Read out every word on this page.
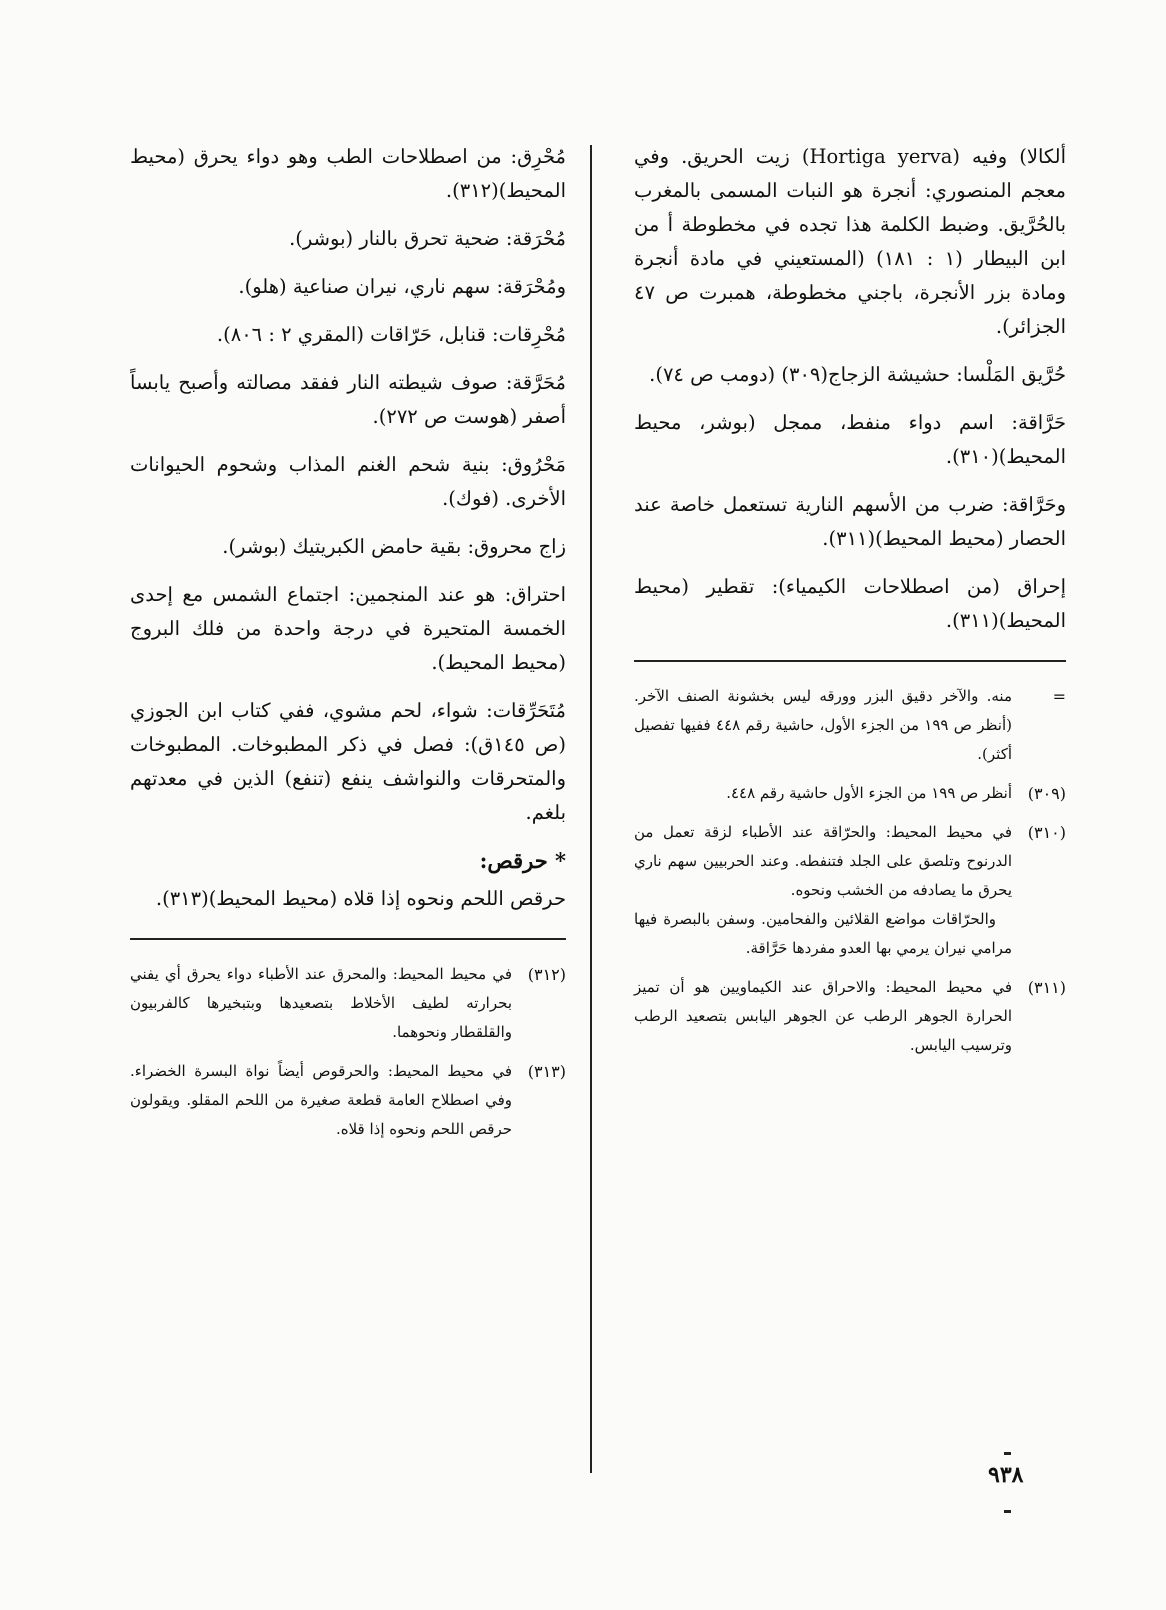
ألكالا) وفيه (Hortiga yerva) زيت الحريق. وفي معجم المنصوري: أنجرة هو النبات المسمى بالمغرب بالحُرَّيق. وضبط الكلمة هذا تجده في مخطوطة أ من ابن البيطار (١ : ١٨١) (المستعيني في مادة أنجرة ومادة بزر الأنجرة، باجني مخطوطة، همبرت ص ٤٧ الجزائر).

حُرَّيق المَلْسا: حشيشة الزجاج(٣٠٩) (دومب ص ٧٤).

حَرَّاقة: اسم دواء منفط، ممجل (بوشر، محيط المحيط)(٣١٠).

وحَرَّاقة: ضرب من الأسهم النارية تستعمل خاصة عند الحصار (محيط المحيط)(٣١١).

إحراق (من اصطلاحات الكيمياء): تقطير (محيط المحيط)(٣١١).

=

منه. والآخر دقيق البزر وورقه ليس بخشونة الصنف الآخر. (أنظر ص ١٩٩ من الجزء الأول، حاشية رقم ٤٤٨ ففيها تفصيل أكثر).

(٣٠٩)

أنظر ص ١٩٩ من الجزء الأول حاشية رقم ٤٤٨.

(٣١٠)

في محيط المحيط: والحرّاقة عند الأطباء لزقة تعمل من الدرنوح وتلصق على الجلد فتنفطه. وعند الحربيين سهم ناري يحرق ما يصادفه من الخشب ونحوه.

والحرّاقات مواضع القلائين والفحامين. وسفن بالبصرة فيها مرامي نيران يرمي بها العدو مفردها حَرَّاقة.

(٣١١)

في محيط المحيط: والاحراق عند الكيماويين هو أن تميز الحرارة الجوهر الرطب عن الجوهر اليابس بتصعيد الرطب وترسيب اليابس.

مُحْرِق: من اصطلاحات الطب وهو دواء يحرق (محيط المحيط)(٣١٢).

مُحْرَقة: ضحية تحرق بالنار (بوشر).

ومُحْرَقة: سهم ناري، نيران صناعية (هلو).

مُحْرِقات: قنابل، حَرّاقات (المقري ٢ : ٨٠٦).

مُحَرَّقة: صوف شيطته النار ففقد مصالته وأصبح يابساً أصفر (هوست ص ٢٧٢).

مَحْرُوق: بنية شحم الغنم المذاب وشحوم الحيوانات الأخرى. (فوك).

زاج محروق: بقية حامض الكبريتيك (بوشر).

احتراق: هو عند المنجمين: اجتماع الشمس مع إحدى الخمسة المتحيرة في درجة واحدة من فلك البروج (محيط المحيط).

مُتَحَرِّقات: شواء، لحم مشوي، ففي كتاب ابن الجوزي (ص ١٤٥ق): فصل في ذكر المطبوخات. المطبوخات والمتحرقات والنواشف ينفع (تنفع) الذين في معدتهم بلغم.

* حرقص:

حرقص اللحم ونحوه إذا قلاه (محيط المحيط)(٣١٣).

(٣١٢)

في محيط المحيط: والمحرق عند الأطباء دواء يحرق أي يفني بحرارته لطيف الأخلاط بتصعيدها وبتبخيرها كالفربيون والقلقطار ونحوهما.

(٣١٣)

في محيط المحيط: والحرقوص أيضاً نواة البسرة الخضراء. وفي اصطلاح العامة قطعة صغيرة من اللحم المقلو. ويقولون حرقص اللحم ونحوه إذا قلاه.

٩٣٨
